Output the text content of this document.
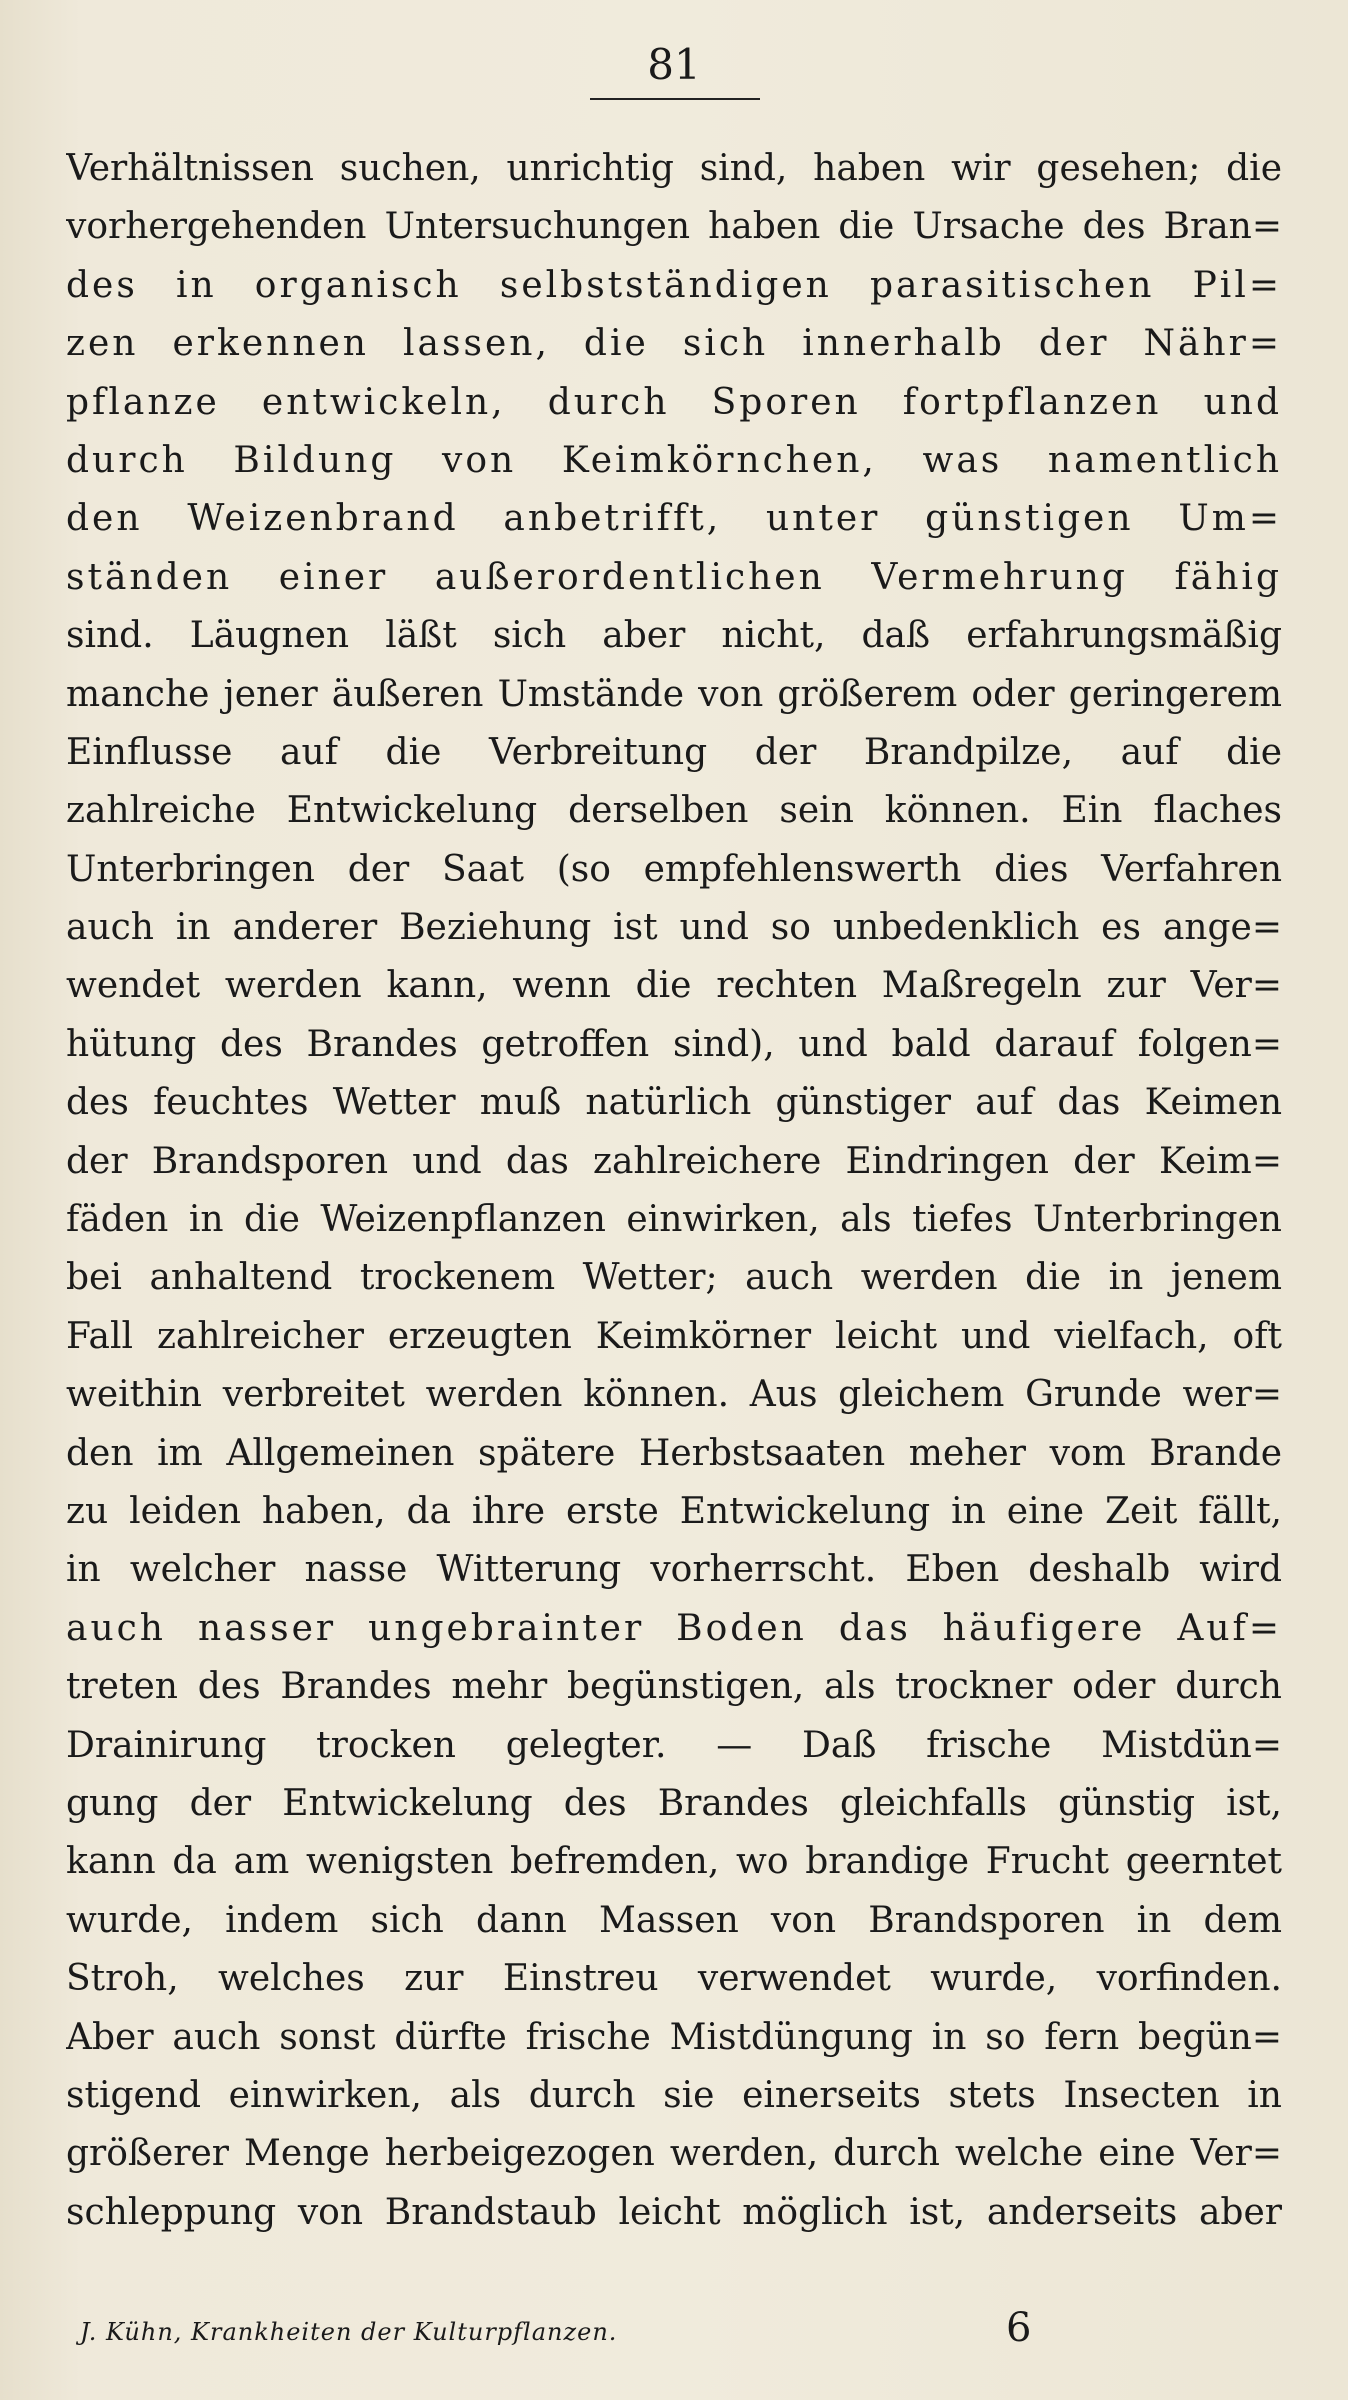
81
Verhältnissen suchen, unrichtig sind, haben wir gesehen; die
vorhergehenden Untersuchungen haben die Ursache des Bran=
des in organisch selbstständigen parasitischen Pil=
zen erkennen lassen, die sich innerhalb der Nähr=
pflanze entwickeln, durch Sporen fortpflanzen und
durch Bildung von Keimkörnchen, was namentlich
den Weizenbrand anbetrifft, unter günstigen Um=
ständen einer außerordentlichen Vermehrung fähig
sind. Läugnen läßt sich aber nicht, daß erfahrungsmäßig
manche jener äußeren Umstände von größerem oder geringerem
Einflusse auf die Verbreitung der Brandpilze, auf die
zahlreiche Entwickelung derselben sein können. Ein flaches
Unterbringen der Saat (so empfehlenswerth dies Verfahren
auch in anderer Beziehung ist und so unbedenklich es ange=
wendet werden kann, wenn die rechten Maßregeln zur Ver=
hütung des Brandes getroffen sind), und bald darauf folgen=
des feuchtes Wetter muß natürlich günstiger auf das Keimen
der Brandsporen und das zahlreichere Eindringen der Keim=
fäden in die Weizenpflanzen einwirken, als tiefes Unterbringen
bei anhaltend trockenem Wetter; auch werden die in jenem
Fall zahlreicher erzeugten Keimkörner leicht und vielfach, oft
weithin verbreitet werden können. Aus gleichem Grunde wer=
den im Allgemeinen spätere Herbstsaaten meher vom Brande
zu leiden haben, da ihre erste Entwickelung in eine Zeit fällt,
in welcher nasse Witterung vorherrscht. Eben deshalb wird
auch nasser ungebrainter Boden das häufigere Auf=
treten des Brandes mehr begünstigen, als trockner oder durch
Drainirung trocken gelegter. — Daß frische Mistdün=
gung der Entwickelung des Brandes gleichfalls günstig ist,
kann da am wenigsten befremden, wo brandige Frucht geerntet
wurde, indem sich dann Massen von Brandsporen in dem
Stroh, welches zur Einstreu verwendet wurde, vorfinden.
Aber auch sonst dürfte frische Mistdüngung in so fern begün=
stigend einwirken, als durch sie einerseits stets Insecten in
größerer Menge herbeigezogen werden, durch welche eine Ver=
schleppung von Brandstaub leicht möglich ist, anderseits aber
J. Kühn, Krankheiten der Kulturpflanzen.	6
